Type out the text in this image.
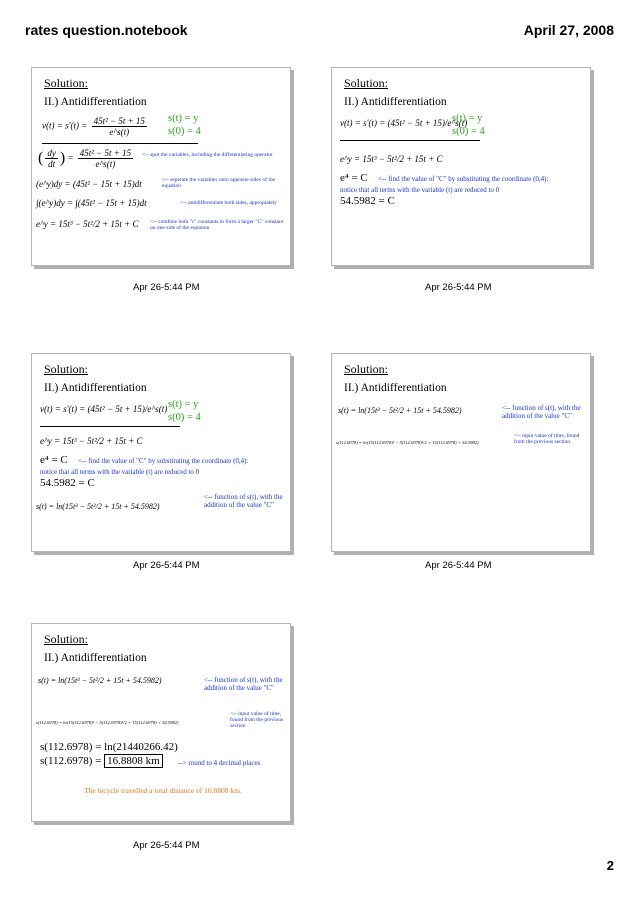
rates question.notebook	April 27, 2008
Solution:
II.) Antidifferentiation
$v(t) = s'(t) = \frac{\text{45t² − 5t + 15}}{e\^{}s(t)} s(t) = y$
s(0) = 4
( $\frac{dy}{dt}$ ) = $\frac{\text{45t² − 5t + 15}}{e\^{}s(t)}$ <-- spot the variables, including the differentiating operator
(e^y)dy = (45t² − 15t + 15)dt	<-- seperate the variables onto opposite sides of the equation
∫(e^y)dy = ∫(45t² − 15t + 15)dt	<-- antidifferentiate both sides, appropiately
e^y = 15t³ − 5t²/2 + 15t + C <-- combine both "c" constants to form a larger "C" constant on one side of the equation
Apr 26-5:44 PM
Solution:
II.) Antidifferentiation
v(t) = s'(t) = (45t² − 5t + 15)/e^s(t)
s(t) = y
s(0) = 4
e^y = 15t³ − 5t²/2 + 15t + C
e⁴ = C <-- find the value of "C" by substituting the coordinate (0,4):
notice that all terms with the variable (t) are reduced to 0
54.5982 = C
Apr 26-5:44 PM
Solution:
II.) Antidifferentiation
v(t) = s'(t) = (45t² − 5t + 15)/e^s(t) s(t) = y
s(0) = 4
e^y = 15t³ − 5t²/2 + 15t + C
e⁴ = C <-- find the value of "C" by substituting the coordinate (0,4):
notice that all terms with the variable (t) are reduced to 0
54.5982 = C
s(t) = ln(15t³ − 5t²/2 + 15t + 54.5982)
<-- function of s(t), with the addition of the value "C"
Apr 26-5:44 PM
Solution:
II.) Antidifferentiation
s(t) = ln(15t³ − 5t²/2 + 15t + 54.5982)	<-- function of s(t), with the addition of the value "C"
s(112.6978) = ln(15(112.6978)³ − 5(112.6978)²/2 + 15(112.6978) + 54.5982)
<-- input value of time, found from the previous section
Apr 26-5:44 PM
Solution:
II.) Antidifferentiation
s(t) = ln(15t³ − 5t²/2 + 15t + 54.5982)	<-- function of s(t), with the addition of the value "C"
s(112.6978) = ln(15(112.6978)³ − 5(112.6978)²/2 + 15(112.6978) + 54.5982)
<-- input value of time, found from the previous section
s(112.6978) = ln(21440266.42)
s(112.6978) = 16.8808 km	--> round to 4 decimal places
The bicycle travelled a total distance of 16.8808 km.
Apr 26-5:44 PM
2
